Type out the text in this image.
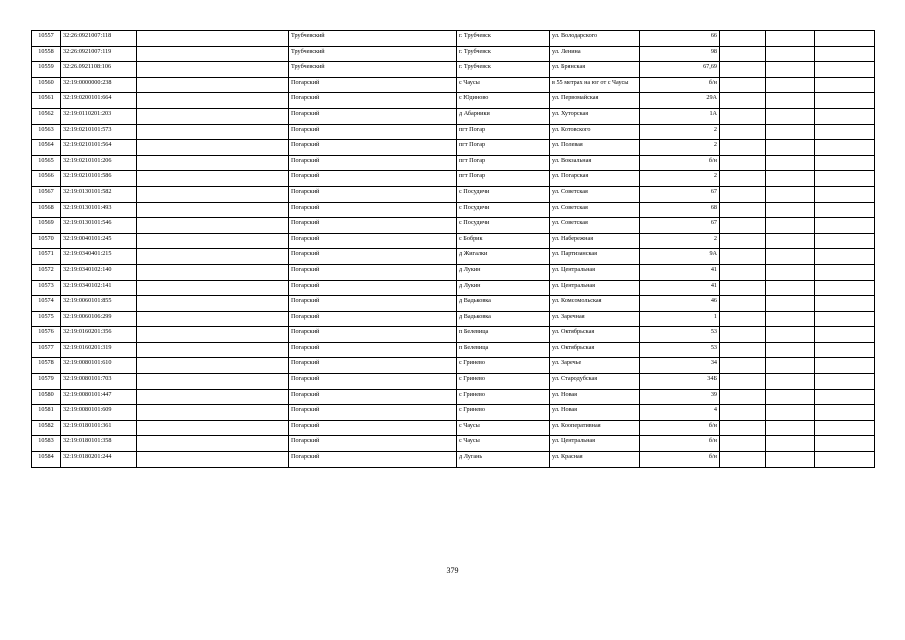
10557	32:26:0921007:118		Трубчевский	г. Трубчевск	ул. Володарского	66			
10558	32:26:0921007:119		Трубчевский	г. Трубчевск	ул. Ленина	98			
10559	32:26.0921108:106		Трубчевский	г. Трубчевск	ул. Брянская	67,69			
10560	32:19:0000000:238		Погарский	с Чаусы	в 55 метрах на юг от с Чаусы	б/н			
10561	32:19:0200101:664		Погарский	с Юдиново	ул. Первомайская	29А			
10562	32:19:0110201:203		Погарский	д Абарники	ул. Хуторская	1А			
10563	32:19:0210101:573		Погарский	пгт Погар	ул. Котовского	2			
10564	32:19:0210101:564		Погарский	пгт Погар	ул. Полевая	2			
10565	32:19:0210101:206		Погарский	пгт Погар	ул. Вокзальная	б/н			
10566	32:19:0210101:586		Погарский	пгт Погар	ул. Погарская	2			
10567	32:19:0130101:582		Погарский	с Посудичи	ул. Советская	67			
10568	32:19:0130101:493		Погарский	с Посудичи	ул. Советская	68			
10569	32:19:0130101:546		Погарский	с Посудичи	ул. Советская	67			
10570	32:19:0040101:245		Погарский	с Бобрик	ул. Набережная	2			
10571	32:19:0340401:215		Погарский	д Жигалки	ул. Партизанская	9А			
10572	32:19:0340102:140		Погарский	д Лукин	ул. Центральная	41			
10573	32:19:0340102:141		Погарский	д Лукин	ул. Центральная	41			
10574	32:19:0060101:855		Погарский	д Вадьковка	ул. Комсомольская	46			
10575	32:19:0060106:299		Погарский	д Вадьковка	ул. Заречная	1			
10576	32:19:0160201:356		Погарский	п Белевица	ул. Октябрьская	53			
10577	32:19:0160201:319		Погарский	п Белевица	ул. Октябрьская	53			
10578	32:19:0080101:610		Погарский	с Гринево	ул. Заречье	34			
10579	32:19:0080101:703		Погарский	с Гринево	ул. Стародубская	34Б			
10580	32:19:0080101:447		Погарский	с Гринево	ул. Новая	39			
10581	32:19:0080101:609		Погарский	с Гринево	ул. Новая	4			
10582	32:19:0180101:361		Погарский	с Чаусы	ул. Кооперативная	б/н			
10583	32:19:0180101:358		Погарский	с Чаусы	ул. Центральная	б/н			
10584	32:19:0180201:244		Погарский	д Лугань	ул. Красная	б/н			
379
